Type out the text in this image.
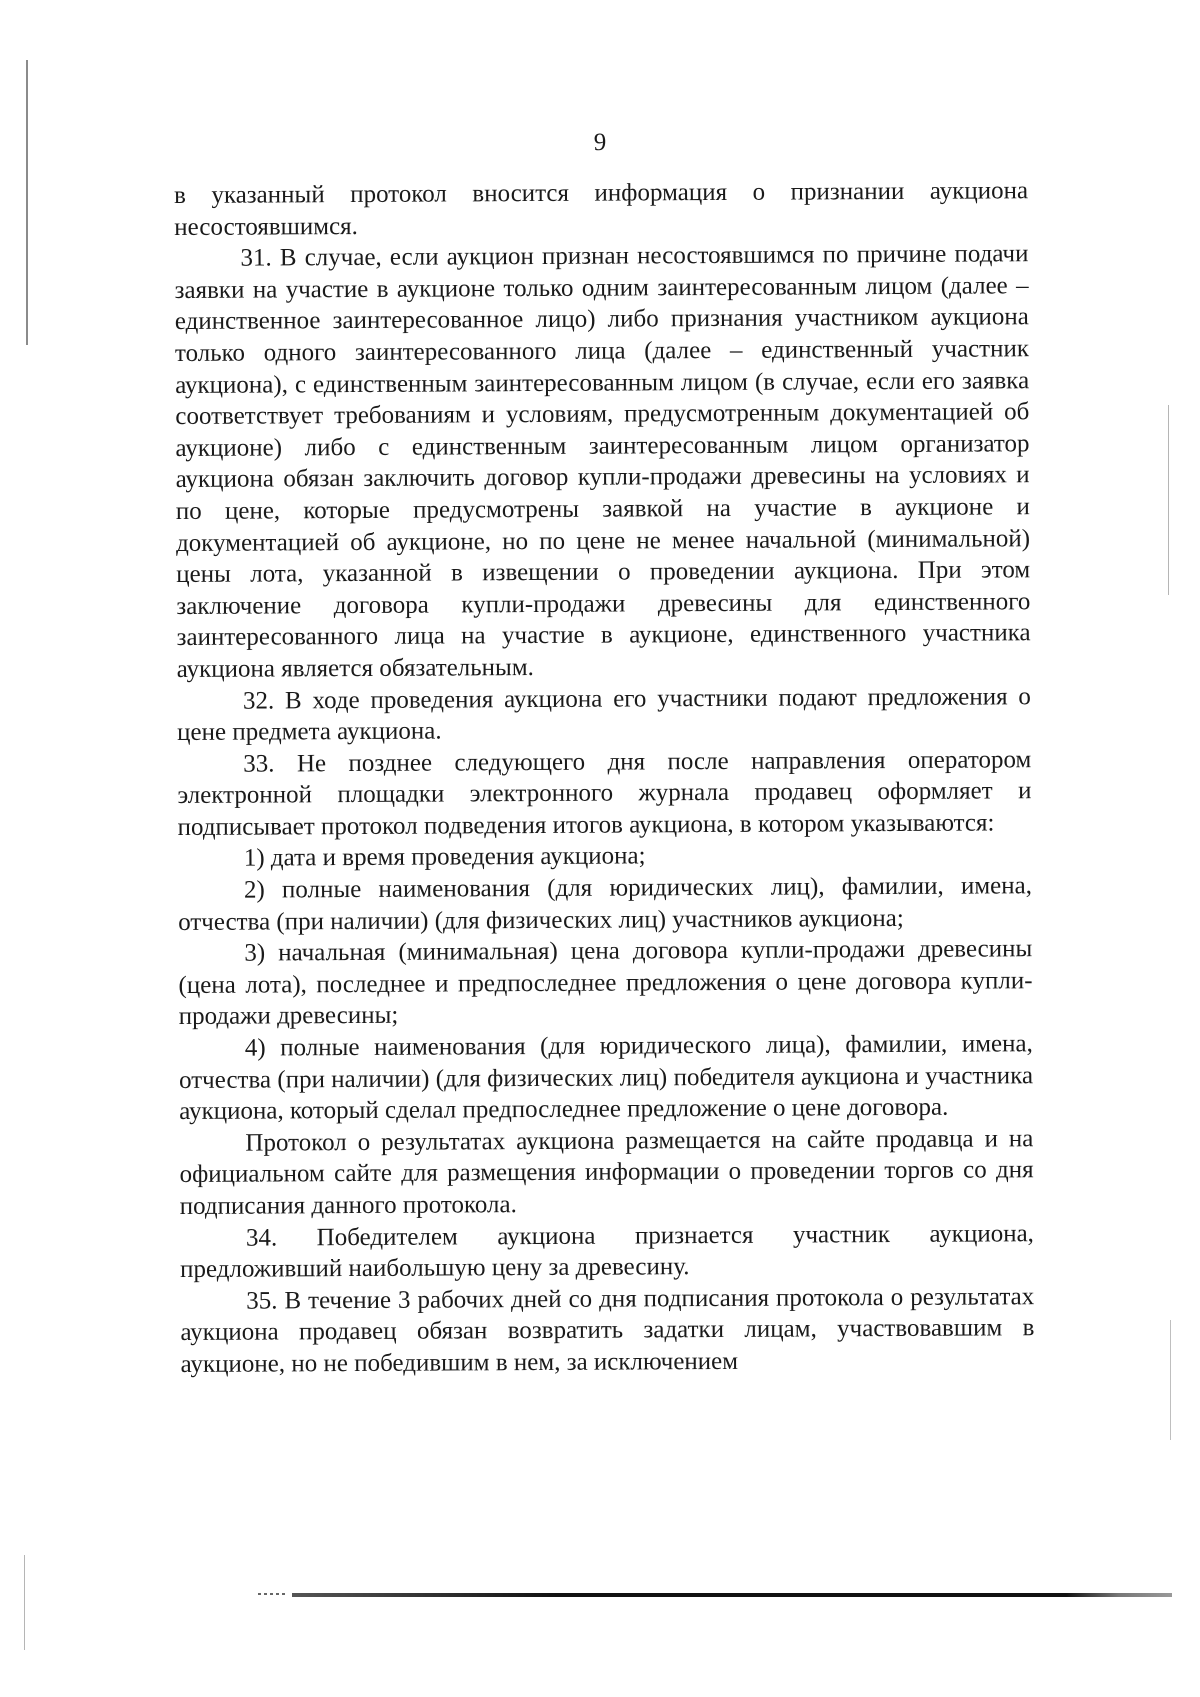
9

в указанный протокол вносится информация о признании аукциона несостоявшимся.

31. В случае, если аукцион признан несостоявшимся по причине подачи заявки на участие в аукционе только одним заинтересованным лицом (далее – единственное заинтересованное лицо) либо признания участником аукциона только одного заинтересованного лица (далее – единственный участник аукциона), с единственным заинтересованным лицом (в случае, если его заявка соответствует требованиям и условиям, предусмотренным документацией об аукционе) либо с единственным заинтересованным лицом организатор аукциона обязан заключить договор купли-продажи древесины на условиях и по цене, которые предусмотрены заявкой на участие в аукционе и документацией об аукционе, но по цене не менее начальной (минимальной) цены лота, указанной в извещении о проведении аукциона. При этом заключение договора купли-продажи древесины для единственного заинтересованного лица на участие в аукционе, единственного участника аукциона является обязательным.

32. В ходе проведения аукциона его участники подают предложения о цене предмета аукциона.

33. Не позднее следующего дня после направления оператором электронной площадки электронного журнала продавец оформляет и подписывает протокол подведения итогов аукциона, в котором указываются:

1) дата и время проведения аукциона;

2) полные наименования (для юридических лиц), фамилии, имена, отчества (при наличии) (для физических лиц) участников аукциона;

3) начальная (минимальная) цена договора купли-продажи древесины (цена лота), последнее и предпоследнее предложения о цене договора купли-продажи древесины;

4) полные наименования (для юридического лица), фамилии, имена, отчества (при наличии) (для физических лиц) победителя аукциона и участника аукциона, который сделал предпоследнее предложение о цене договора.

Протокол о результатах аукциона размещается на сайте продавца и на официальном сайте для размещения информации о проведении торгов со дня подписания данного протокола.

34. Победителем аукциона признается участник аукциона, предложивший наибольшую цену за древесину.

35. В течение 3 рабочих дней со дня подписания протокола о результатах аукциона продавец обязан возвратить задатки лицам, участвовавшим в аукционе, но не победившим в нем, за исключением
